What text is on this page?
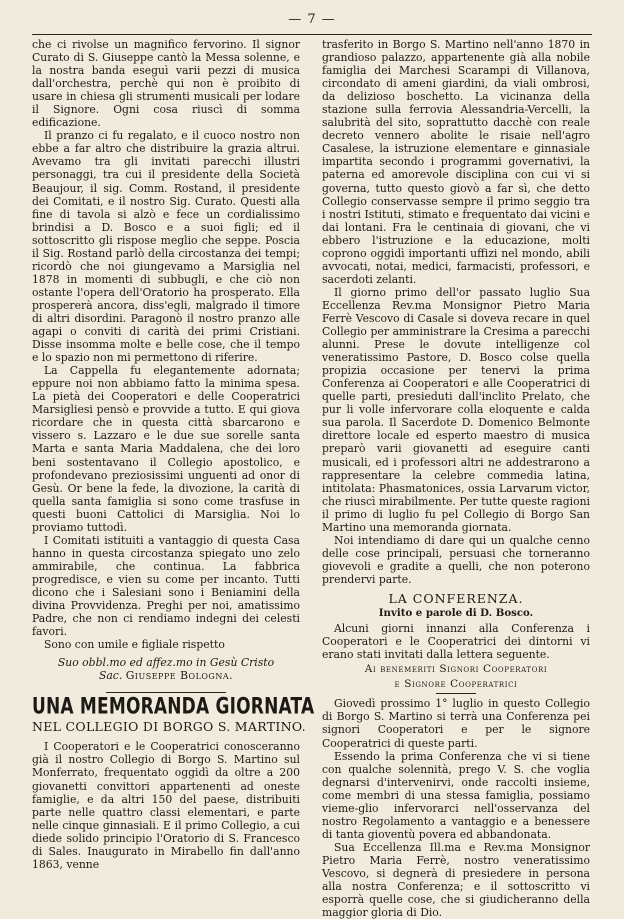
— 7 —

che ci rivolse un magnifico fervorino. Il signor Curato di S. Giuseppe cantò la Messa solenne, e la nostra banda eseguì varii pezzi di musica dall'orchestra, perchè qui non è proibito di usare in chiesa gli strumenti musicali per lodare il Signore. Ogni cosa riuscì di somma edificazione.

Il pranzo ci fu regalato, e il cuoco nostro non ebbe a far altro che distribuire la grazia altrui. Avevamo tra gli invitati parecchi illustri personaggi, tra cui il presidente della Società Beaujour, il sig. Comm. Rostand, il presidente dei Comitati, e il nostro Sig. Curato. Questi alla fine di tavola si alzò e fece un cordialissimo brindisi a D. Bosco e a suoi figli; ed il sottoscritto gli rispose meglio che seppe. Poscia il Sig. Rostand parlò della circostanza dei tempi; ricordò che noi giungevamo a Marsiglia nel 1878 in momenti di subbugli, e che ciò non ostante l'opera dell'Oratorio ha prosperato. Ella prospererà ancora, diss'egli, malgrado il timore di altri disordini. Paragonò il nostro pranzo alle agapi o conviti di carità dei primi Cristiani. Disse insomma molte e belle cose, che il tempo e lo spazio non mi permettono di riferire.

La Cappella fu elegantemente adornata; eppure noi non abbiamo fatto la minima spesa. La pietà dei Cooperatori e delle Cooperatrici Marsigliesi pensò e provvide a tutto. E qui giova ricordare che in questa città sbarcarono e vissero s. Lazzaro e le due sue sorelle santa Marta e santa Maria Maddalena, che dei loro beni sostentavano il Collegio apostolico, e profondevano preziosissimi unguenti ad onor di Gesù. Or bene la fede, la divozione, la carità di quella santa famiglia si sono come trasfuse in questi buoni Cattolici di Marsiglia. Noi lo proviamo tuttodì.

I Comitati istituiti a vantaggio di questa Casa hanno in questa circostanza spiegato uno zelo ammirabile, che continua. La fabbrica progredisce, e vien su come per incanto. Tutti dicono che i Salesiani sono i Beniamini della divina Provvidenza. Preghi per noi, amatissimo Padre, che non ci rendiamo indegni dei celesti favori.

Sono con umile e figliale rispetto

Suo obbl.mo ed affez.mo in Gesù Cristo
Sac. Giuseppe Bologna.
UNA MEMORANDA GIORNATA
NEL COLLEGIO DI BORGO S. MARTINO.

I Cooperatori e le Cooperatrici conosceranno già il nostro Collegio di Borgo S. Martino sul Monferrato, frequentato oggidì da oltre a 200 giovanetti convittori appartenenti ad oneste famiglie, e da altri 150 del paese, distribuiti parte nelle quattro classi elementari, e parte nelle cinque ginnasiali. E il primo Collegio, a cui diede solido principio l'Oratorio di S. Francesco di Sales. Inaugurato in Mirabello fin dall'anno 1863, venne

trasferito in Borgo S. Martino nell'anno 1870 in grandioso palazzo, appartenente già alla nobile famiglia dei Marchesi Scarampi di Villanova, circondato di ameni giardini, da viali ombrosi, da delizioso boschetto. La vicinanza della stazione sulla ferrovia Alessandria-Vercelli, la salubrità del sito, soprattutto dacchè con reale decreto vennero abolite le risaie nell'agro Casalese, la istruzione elementare e ginnasiale impartita secondo i programmi governativi, la paterna ed amorevole disciplina con cui vi si governa, tutto questo giovò a far sì, che detto Collegio conservasse sempre il primo seggio tra i nostri Istituti, stimato e frequentato dai vicini e dai lontani. Fra le centinaia di giovani, che vi ebbero l'istruzione e la educazione, molti coprono oggidì importanti uffizi nel mondo, abili avvocati, notai, medici, farmacisti, professori, e sacerdoti zelanti.

Il giorno primo dell'or passato luglio Sua Eccellenza Rev.ma Monsignor Pietro Maria Ferrè Vescovo di Casale si doveva recare in quel Collegio per amministrare la Cresima a parecchi alunni. Prese le dovute intelligenze col veneratissimo Pastore, D. Bosco colse quella propizia occasione per tenervi la prima Conferenza ai Cooperatori e alle Cooperatrici di quelle parti, presieduti dall'inclito Prelato, che pur li volle infervorare colla eloquente e calda sua parola. Il Sacerdote D. Domenico Belmonte direttore locale ed esperto maestro di musica preparò varii giovanetti ad eseguire canti musicali, ed i professori altri ne addestrarono a rappresentare la celebre commedia latina, intitolata: Phasmatonices, ossia Larvarum victor, che riuscì mirabilmente. Per tutte queste ragioni il primo di luglio fu pel Collegio di Borgo San Martino una memoranda giornata.

Noi intendiamo di dare qui un qualche cenno delle cose principali, persuasi che torneranno giovevoli e gradite a quelli, che non poterono prendervi parte.

LA CONFERENZA.
Invito e parole di D. Bosco.

Alcuni giorni innanzi alla Conferenza i Cooperatori e le Cooperatrici dei dintorni vi erano stati invitati dalla lettera seguente.

Ai benemeriti Signori Cooperatori
e Signore Cooperatrici

Giovedì prossimo 1° luglio in questo Collegio di Borgo S. Martino si terrà una Conferenza pei signori Cooperatori e per le signore Cooperatrici di queste parti.

Essendo la prima Conferenza che vi si tiene con qualche solennità, prego V. S. che voglia degnarsi d'intervenirvi, onde raccolti insieme, come membri di una stessa famiglia, possiamo vieme-glio infervorarci nell'osservanza del nostro Regolamento a vantaggio e a benessere di tanta gioventù povera ed abbandonata.

Sua Eccellenza Ill.ma e Rev.ma Monsignor Pietro Maria Ferrè, nostro veneratissimo Vescovo, si degnerà di presiedere in persona alla nostra Conferenza; e il sottoscritto vi esporrà quelle cose, che si giudicheranno della maggior gloria di Dio.
